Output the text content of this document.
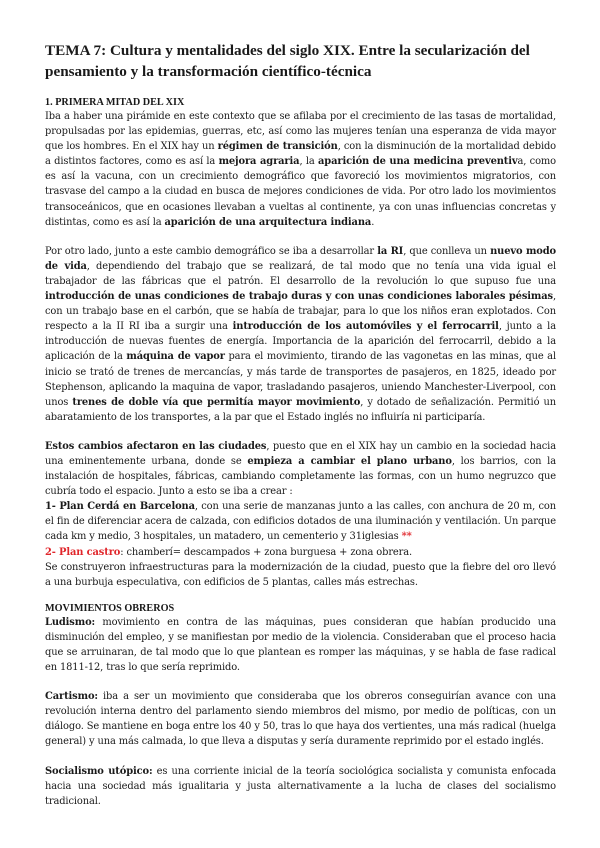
TEMA 7: Cultura y mentalidades del siglo XIX. Entre la secularización del pensamiento y la transformación científico-técnica
1. PRIMERA MITAD DEL XIX

Iba a haber una pirámide en este contexto que se afilaba por el crecimiento de las tasas de mortalidad, propulsadas por las epidemias, guerras, etc, así como las mujeres tenían una esperanza de vida mayor que los hombres. En el XIX hay un régimen de transición, con la disminución de la mortalidad debido a distintos factores, como es así la mejora agraria, la aparición de una medicina preventiva, como es así la vacuna, con un crecimiento demográfico que favoreció los movimientos migratorios, con trasvase del campo a la ciudad en busca de mejores condiciones de vida. Por otro lado los movimientos transoceánicos, que en ocasiones llevaban a vueltas al continente, ya con unas influencias concretas y distintas, como es así la aparición de una arquitectura indiana.

Por otro lado, junto a este cambio demográfico se iba a desarrollar la RI, que conlleva un nuevo modo de vida, dependiendo del trabajo que se realizará, de tal modo que no tenía una vida igual el trabajador de las fábricas que el patrón. El desarrollo de la revolución lo que supuso fue una introducción de unas condiciones de trabajo duras y con unas condiciones laborales pésimas, con un trabajo base en el carbón, que se había de trabajar, para lo que los niños eran explotados. Con respecto a la II RI iba a surgir una introducción de los automóviles y el ferrocarril, junto a la introducción de nuevas fuentes de energía. Importancia de la aparición del ferrocarril, debido a la aplicación de la máquina de vapor para el movimiento, tirando de las vagonetas en las minas, que al inicio se trató de trenes de mercancías, y más tarde de transportes de pasajeros, en 1825, ideado por Stephenson, aplicando la maquina de vapor, trasladando pasajeros, uniendo Manchester-Liverpool, con unos trenes de doble vía que permitía mayor movimiento, y dotado de señalización. Permitió un abaratamiento de los transportes, a la par que el Estado inglés no influiría ni participaría.

Estos cambios afectaron en las ciudades, puesto que en el XIX hay un cambio en la sociedad hacia una eminentemente urbana, donde se empieza a cambiar el plano urbano, los barrios, con la instalación de hospitales, fábricas, cambiando completamente las formas, con un humo negruzco que cubría todo el espacio. Junto a esto se iba a crear :
1- Plan Cerdá en Barcelona, con una serie de manzanas junto a las calles, con anchura de 20 m, con el fin de diferenciar acera de calzada, con edificios dotados de una iluminación y ventilación. Un parque cada km y medio, 3 hospitales, un matadero, un cementerio y 31iglesias **
2- Plan castro: chamberí= descampados + zona burguesa + zona obrera.
Se construyeron infraestructuras para la modernización de la ciudad, puesto que la fiebre del oro llevó a una burbuja especulativa, con edificios de 5 plantas, calles más estrechas.

MOVIMIENTOS OBREROS

Ludismo: movimiento en contra de las máquinas, pues consideran que habían producido una disminución del empleo, y se manifiestan por medio de la violencia. Consideraban que el proceso hacia que se arruinaran, de tal modo que lo que plantean es romper las máquinas, y se habla de fase radical en 1811-12, tras lo que sería reprimido.

Cartismo: iba a ser un movimiento que consideraba que los obreros conseguirían avance con una revolución interna dentro del parlamento siendo miembros del mismo, por medio de políticas, con un diálogo. Se mantiene en boga entre los 40 y 50, tras lo que haya dos vertientes, una más radical (huelga general) y una más calmada, lo que lleva a disputas y sería duramente reprimido por el estado inglés.

Socialismo utópico: es una corriente inicial de la teoría sociológica socialista y comunista enfocada hacia una sociedad más igualitaria y justa alternativamente a la lucha de clases del socialismo tradicional.
